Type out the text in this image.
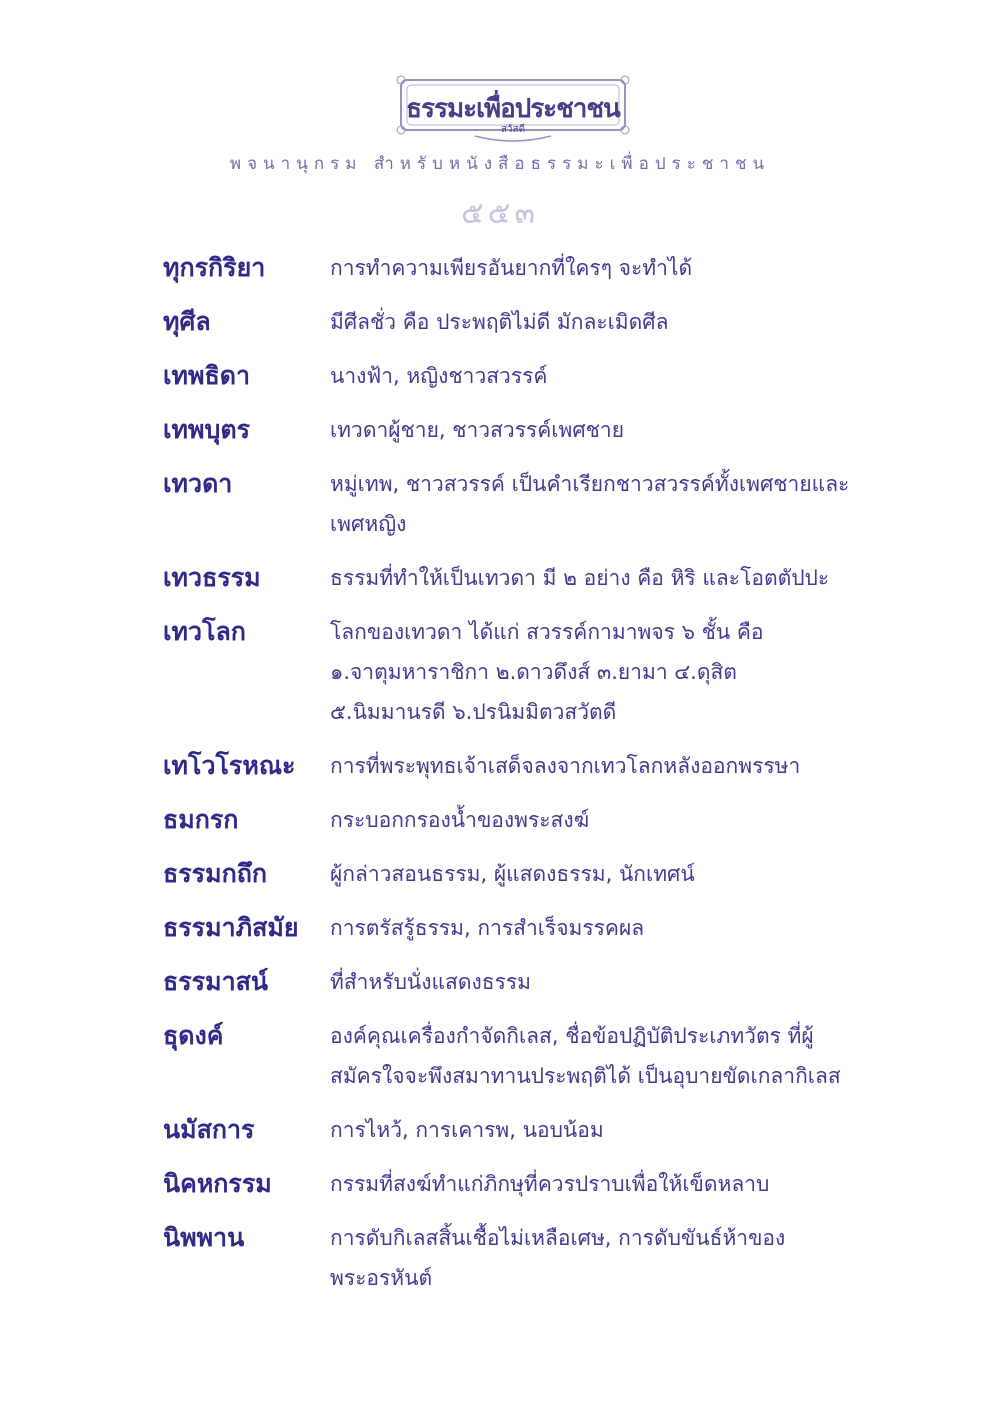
ธรรมะเพื่อประชาชน
สวัสดี
พจนานุกรม สำหรับหนังสือธรรมะเพื่อประชาชน
๕๕๓
ทุกรกิริยา	การทำความเพียรอันยากที่ใครๆ จะทำได้
ทุศีล	มีศีลชั่ว คือ ประพฤติไม่ดี มักละเมิดศีล
เทพธิดา	นางฟ้า, หญิงชาวสวรรค์
เทพบุตร	เทวดาผู้ชาย, ชาวสวรรค์เพศชาย
เทวดา	หมู่เทพ, ชาวสวรรค์ เป็นคำเรียกชาวสวรรค์ทั้งเพศชายและ
เพศหญิง
เทวธรรม	ธรรมที่ทำให้เป็นเทวดา มี ๒ อย่าง คือ หิริ และโอตตัปปะ
เทวโลก	โลกของเทวดา ได้แก่ สวรรค์กามาพจร ๖ ชั้น คือ
๑.จาตุมหาราชิกา ๒.ดาวดึงส์ ๓.ยามา ๔.ดุสิต
๕.นิมมานรดี ๖.ปรนิมมิตวสวัตดี
เทโวโรหณะ	การที่พระพุทธเจ้าเสด็จลงจากเทวโลกหลังออกพรรษา
ธมกรก	กระบอกกรองน้ำของพระสงฆ์
ธรรมกถึก	ผู้กล่าวสอนธรรม, ผู้แสดงธรรม, นักเทศน์
ธรรมาภิสมัย	การตรัสรู้ธรรม, การสำเร็จมรรคผล
ธรรมาสน์	ที่สำหรับนั่งแสดงธรรม
ธุดงค์	องค์คุณเครื่องกำจัดกิเลส, ชื่อข้อปฏิบัติประเภทวัตร ที่ผู้
สมัครใจจะพึงสมาทานประพฤติได้ เป็นอุบายขัดเกลากิเลส
นมัสการ	การไหว้, การเคารพ, นอบน้อม
นิคหกรรม	กรรมที่สงฆ์ทำแก่ภิกษุที่ควรปราบเพื่อให้เข็ดหลาบ
นิพพาน	การดับกิเลสสิ้นเชื้อไม่เหลือเศษ, การดับขันธ์ห้าของ
พระอรหันต์
